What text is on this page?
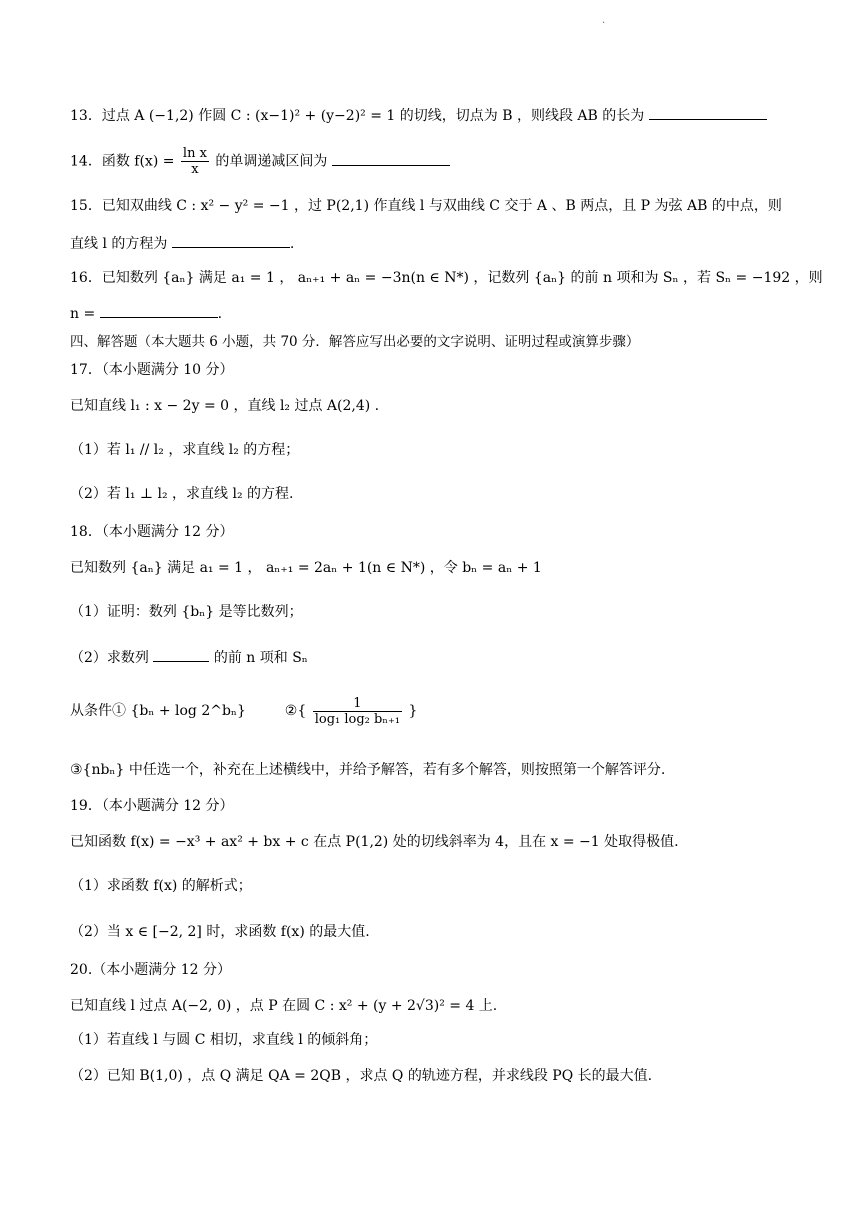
·
13．过点 A (−1,2) 作圆 C : (x−1)² + (y−2)² = 1 的切线，切点为 B ，则线段 AB 的长为
14．函数 $f(x) = \frac{\text{ln x}}{x}$ 的单调递减区间为
15．已知双曲线 C : x² − y² = −1 ，过 P(2,1) 作直线 l 与双曲线 C 交于 A 、B 两点，且 P 为弦 AB 的中点，则
直线 l 的方程为	.
16．已知数列 {aₙ} 满足 a₁ = 1 ， aₙ₊₁ + aₙ = −3n(n ∈ N*) ，记数列 {aₙ} 的前 n 项和为 Sₙ ，若 Sₙ = −192 ，则
n =	.
四、解答题（本大题共 6 小题，共 70 分．解答应写出必要的文字说明、证明过程或演算步骤）
17．（本小题满分 10 分）
已知直线 l₁ : x − 2y = 0 ，直线 l₂ 过点 A(2,4) .
（1）若 l₁ // l₂ ，求直线 l₂ 的方程；
（2）若 l₁ ⊥ l₂ ，求直线 l₂ 的方程.
18．（本小题满分 12 分）
已知数列 {aₙ} 满足 a₁ = 1 ， aₙ₊₁ = 2aₙ + 1(n ∈ N*) ，令 bₙ = aₙ + 1
（1）证明：数列 {bₙ} 是等比数列；
（2）求数列	的前 n 项和 Sₙ
从条件① {bₙ + log 2^bₙ}	②{ $\frac{1}{\text{log₁ log₂ bₙ₊₁}}$ }
③{nbₙ} 中任选一个，补充在上述横线中，并给予解答，若有多个解答，则按照第一个解答评分.
19．（本小题满分 12 分）
已知函数 f(x) = −x³ + ax² + bx + c 在点 P(1,2) 处的切线斜率为 4，且在 x = −1 处取得极值.
（1）求函数 f(x) 的解析式；
（2）当 x ∈ [−2, 2] 时，求函数 f(x) 的最大值.
20.（本小题满分 12 分）
已知直线 l 过点 A(−2, 0) ，点 P 在圆 C : x² + (y + 2√3)² = 4 上.
（1）若直线 l 与圆 C 相切，求直线 l 的倾斜角；
（2）已知 B(1,0) ，点 Q 满足 QA = 2QB ，求点 Q 的轨迹方程，并求线段 PQ 长的最大值.
